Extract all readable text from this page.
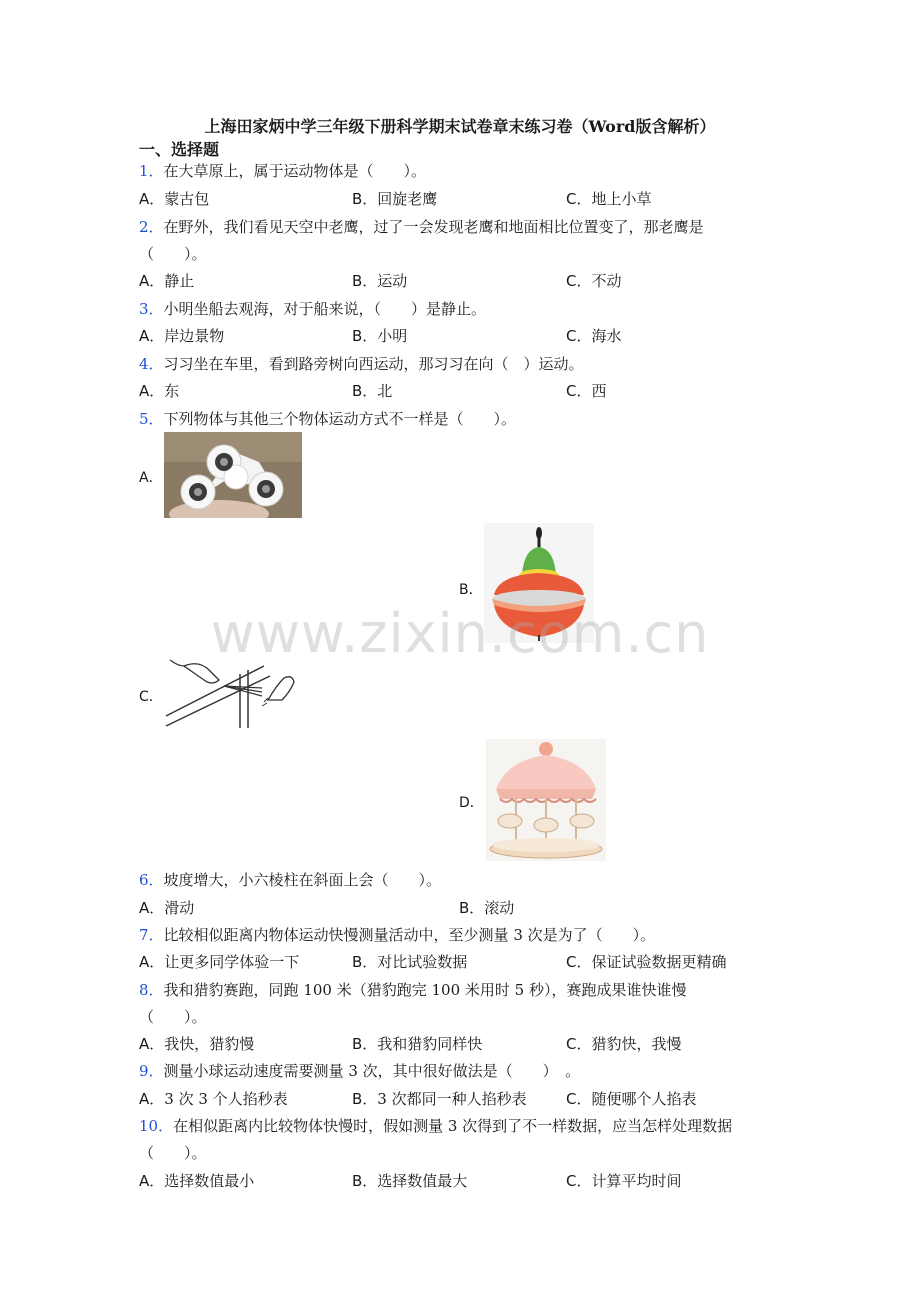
上海田家炳中学三年级下册科学期末试卷章末练习卷（Word版含解析）
一、选择题
1．在大草原上，属于运动物体是（　　）。
A．蒙古包	B．回旋老鹰	C．地上小草
2．在野外，我们看见天空中老鹰，过了一会发现老鹰和地面相比位置变了，那老鹰是
（　　）。
A．静止	B．运动	C．不动
3．小明坐船去观海，对于船来说，（　　）是静止。
A．岸边景物	B．小明	C．海水
4．习习坐在车里，看到路旁树向西运动，那习习在向（　）运动。
A．东	B．北	C．西
5．下列物体与其他三个物体运动方式不一样是（　　）。
A．
B．
C．
D．
6．坡度增大，小六棱柱在斜面上会（　　）。
A．滑动	B．滚动
7．比较相似距离内物体运动快慢测量活动中，至少测量 3 次是为了（　　）。
A．让更多同学体验一下	B．对比试验数据	C．保证试验数据更精确
8．我和猎豹赛跑，同跑 100 米（猎豹跑完 100 米用时 5 秒），赛跑成果谁快谁慢
（　　）。
A．我快，猎豹慢	B．我和猎豹同样快	C．猎豹快，我慢
9．测量小球运动速度需要测量 3 次，其中很好做法是（　　）　。
A．3 次 3 个人掐秒表	B．3 次都同一种人掐秒表	C．随便哪个人掐表
10．在相似距离内比较物体快慢时，假如测量 3 次得到了不一样数据，应当怎样处理数据
（　　）。
A．选择数值最小	B．选择数值最大	C．计算平均时间
www.zixin.com.cn
